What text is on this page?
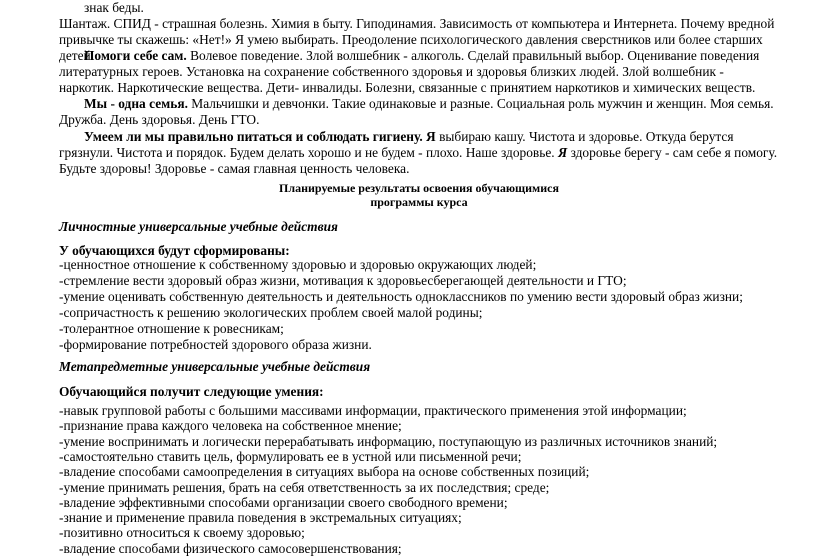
знак беды.

Шантаж. СПИД - страшная болезнь. Химия в быту. Гиподинамия. Зависимость от компьютера и Интернета. Почему вредной привычке ты скажешь: «Нет!» Я умею выбирать. Преодоление психологического давления сверстников или более старших детей.

Помоги себе сам. Волевое поведение. Злой волшебник - алкоголь. Сделай правильный выбор. Оценивание поведения литературных героев. Установка на сохранение собственного здоровья и здоровья близких людей. Злой волшебник - наркотик. Наркотические вещества. Дети- инвалиды. Болезни, связанные с принятием наркотиков и химических веществ.

Мы - одна семья. Мальчишки и девчонки. Такие одинаковые и разные. Социальная роль мужчин и женщин. Моя семья. Дружба. День здоровья. День ГТО.

Умеем ли мы правильно питаться и соблюдать гигиену. Я выбираю кашу. Чистота и здоровье. Откуда берутся грязнули. Чистота и порядок. Будем делать хорошо и не будем - плохо. Наше здоровье. Я здоровье берегу - сам себе я помогу. Будьте здоровы! Здоровье - самая главная ценность человека.

Планируемые результаты освоения обучающимися

программы курса

Личностные универсальные учебные действия

У обучающихся будут сформированы:

-ценностное отношение к собственному здоровью и здоровью окружающих людей;

-стремление вести здоровый образ жизни, мотивация к здоровьесберегающей деятельности и ГТО;

-умение оценивать собственную деятельность и деятельность одноклассников по умению вести здоровый образ жизни;

-сопричастность к решению экологических проблем своей малой родины;

-толерантное отношение к ровесникам;

-формирование потребностей здорового образа жизни.

Метапредметные универсальные учебные действия

Обучающийся получит следующие умения:

-навык групповой работы с большими массивами информации, практического применения этой информации;

-признание права каждого человека на собственное мнение;

-умение воспринимать и логически перерабатывать информацию, поступающую из различных источников знаний;

-самостоятельно ставить цель, формулировать ее в устной или письменной речи;

-владение способами самоопределения в ситуациях выбора на основе собственных позиций;

-умение принимать решения, брать на себя ответственность за их последствия; среде;

-владение эффективными способами организации своего свободного времени;

-знание и применение правила поведения в экстремальных ситуациях;

-позитивно относиться к своему здоровью;

-владение способами физического самосовершенствования;
